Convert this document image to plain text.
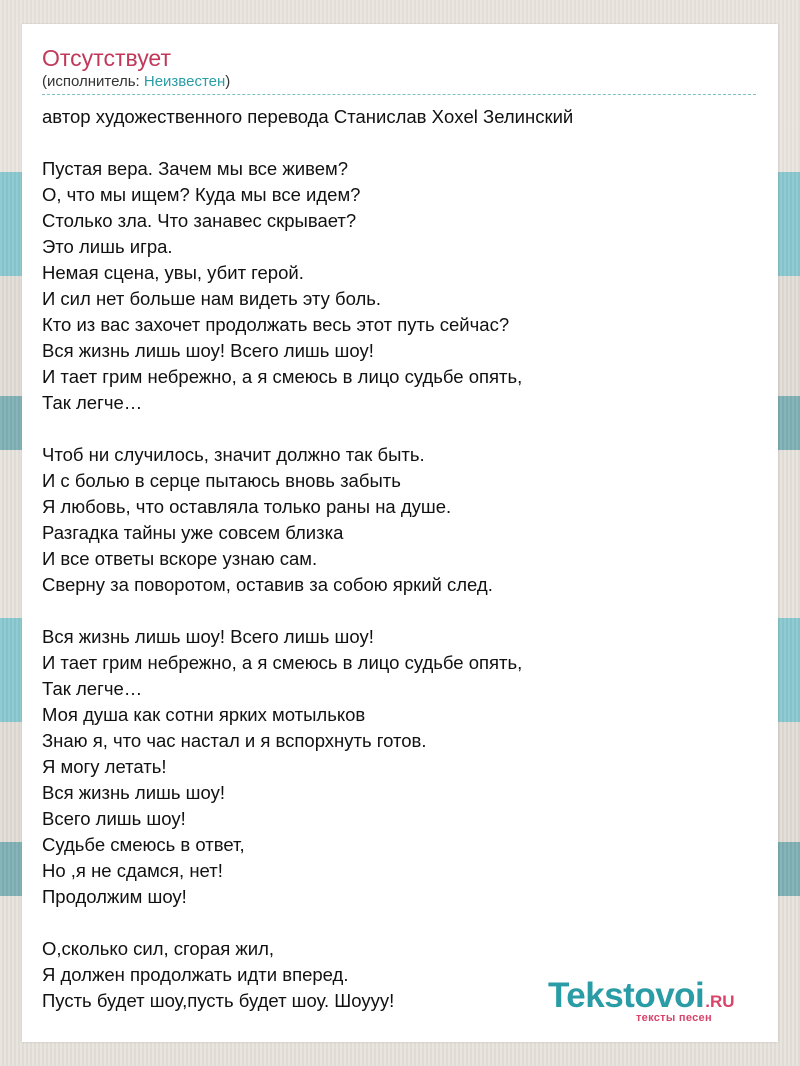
Отсутствует
(исполнитель: Неизвестен)
автор художественного перевода Станислав Xoxel Зелинский
Пустая вера. Зачем мы все живем?
О, что мы ищем? Куда мы все идем?
Столько зла. Что занавес скрывает?
Это лишь игра.
Немая сцена, увы, убит герой.
И сил нет больше нам видеть эту боль.
Кто из вас захочет продолжать весь этот путь сейчас?
Вся жизнь лишь шоу! Всего лишь шоу!
И тает грим небрежно, а я смеюсь в лицо судьбе опять,
Так легче…
Чтоб ни случилось, значит должно так быть.
И с болью в серце пытаюсь вновь забыть
Я любовь, что оставляла только раны на душе.
Разгадка тайны уже совсем близка
И все ответы вскоре узнаю сам.
Сверну за поворотом, оставив за собою яркий след.
Вся жизнь лишь шоу! Всего лишь шоу!
И тает грим небрежно, а я смеюсь в лицо судьбе опять,
Так легче…
Моя душа как сотни ярких мотыльков
Знаю я, что час настал и я вспорхнуть готов.
Я могу летать!
Вся жизнь лишь шоу!
Всего лишь шоу!
Судьбе смеюсь в ответ,
Но ,я не сдамся, нет!
Продолжим шоу!
О,сколько сил, сгорая жил,
Я должен продолжать идти вперед.
Пусть будет шоу,пусть будет шоу. Шоууу!	Tekstovoi.RU
тексты песен
